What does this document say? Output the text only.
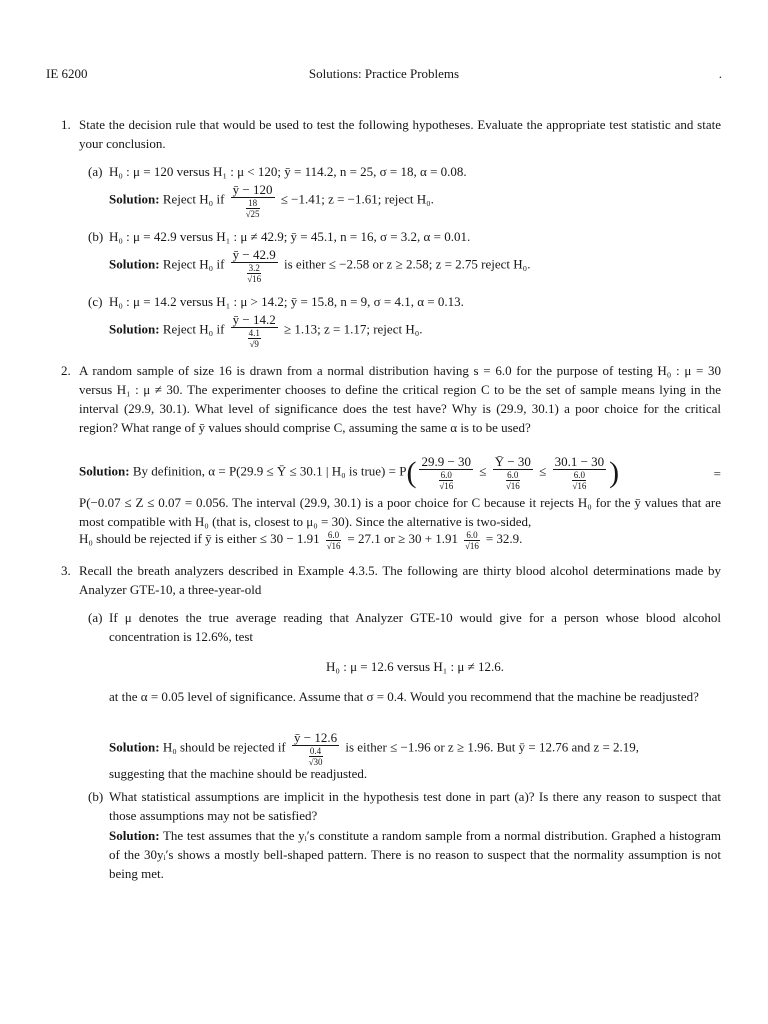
IE 6200	Solutions: Practice Problems	.
1. State the decision rule that would be used to test the following hypotheses. Evaluate the appropriate test statistic and state your conclusion.
(a) H₀ : μ = 120 versus H₁ : μ < 120; ȳ = 114.2, n = 25, σ = 18, α = 0.08.
Solution: Reject H₀ if $\frac{ȳ - 120}{\frac{18}{√25}} \le -1.41$; z = −1.61; reject H₀.
(b) H₀ : μ = 42.9 versus H₁ : μ ≠ 42.9; ȳ = 45.1, n = 16, σ = 3.2, α = 0.01.
Solution: Reject H₀ if $\frac{ȳ - 42.9}{\frac{3.2}{√16}}$ is either ≤ −2.58 or z ≥ 2.58; z = 2.75 reject H₀.
(c) H₀ : μ = 14.2 versus H₁ : μ > 14.2; ȳ = 15.8, n = 9, σ = 4.1, α = 0.13.
Solution: Reject H₀ if $\frac{ȳ - 14.2}{\frac{4.1}{√9}} \ge 1.13$; z = 1.17; reject H₀.
2. A random sample of size 16 is drawn from a normal distribution having s = 6.0 for the purpose of testing H₀ : μ = 30 versus H₁ : μ ≠ 30. The experimenter chooses to define the critical region C to be the set of sample means lying in the interval (29.9, 30.1). What level of significance does the test have? Why is (29.9, 30.1) a poor choice for the critical region? What range of ȳ values should comprise C, assuming the same α is to be used?
Solution: By definition, α = P(29.9 ≤ Ȳ ≤ 30.1 | H₀ is true) = $P( \frac{29.9 - 30}{\frac{6.0}{√16}} \le \frac{Ȳ - 30}{\frac{6.0}{√16}} \le \frac{30.1 - 30}{\frac{6.0}{√16}}$ )	=
P(−0.07 ≤ Z ≤ 0.07 = 0.056. The interval (29.9, 30.1) is a poor choice for C because it rejects H₀ for the ȳ values that are most compatible with H₀ (that is, closest to μ₀ = 30). Since the alternative is two-sided,
H₀ should be rejected if ȳ is either ≤ $30 - 1.91 \frac{6.0}{√16} = 27.1$ or ≥ $30 + 1.91 \frac{6.0}{√16} = 32.9$.
3. Recall the breath analyzers described in Example 4.3.5. The following are thirty blood alcohol determinations made by Analyzer GTE-10, a three-year-old
(a) If μ denotes the true average reading that Analyzer GTE-10 would give for a person whose blood alcohol concentration is 12.6%, test
H₀ : μ = 12.6 versus H₁ : μ ≠ 12.6.
at the α = 0.05 level of significance. Assume that σ = 0.4. Would you recommend that the machine be readjusted?
Solution: H₀ should be rejected if $\frac{ȳ - 12.6}{\frac{0.4}{√30}}$ is either ≤ −1.96 or z ≥ 1.96. But ȳ = 12.76 and z = 2.19,
suggesting that the machine should be readjusted.
(b) What statistical assumptions are implicit in the hypothesis test done in part (a)? Is there any reason to suspect that those assumptions may not be satisfied?
Solution: The test assumes that the yᵢ′s constitute a random sample from a normal distribution. Graphed a histogram of the 30yᵢ′s shows a mostly bell-shaped pattern. There is no reason to suspect that the normality assumption is not being met.
